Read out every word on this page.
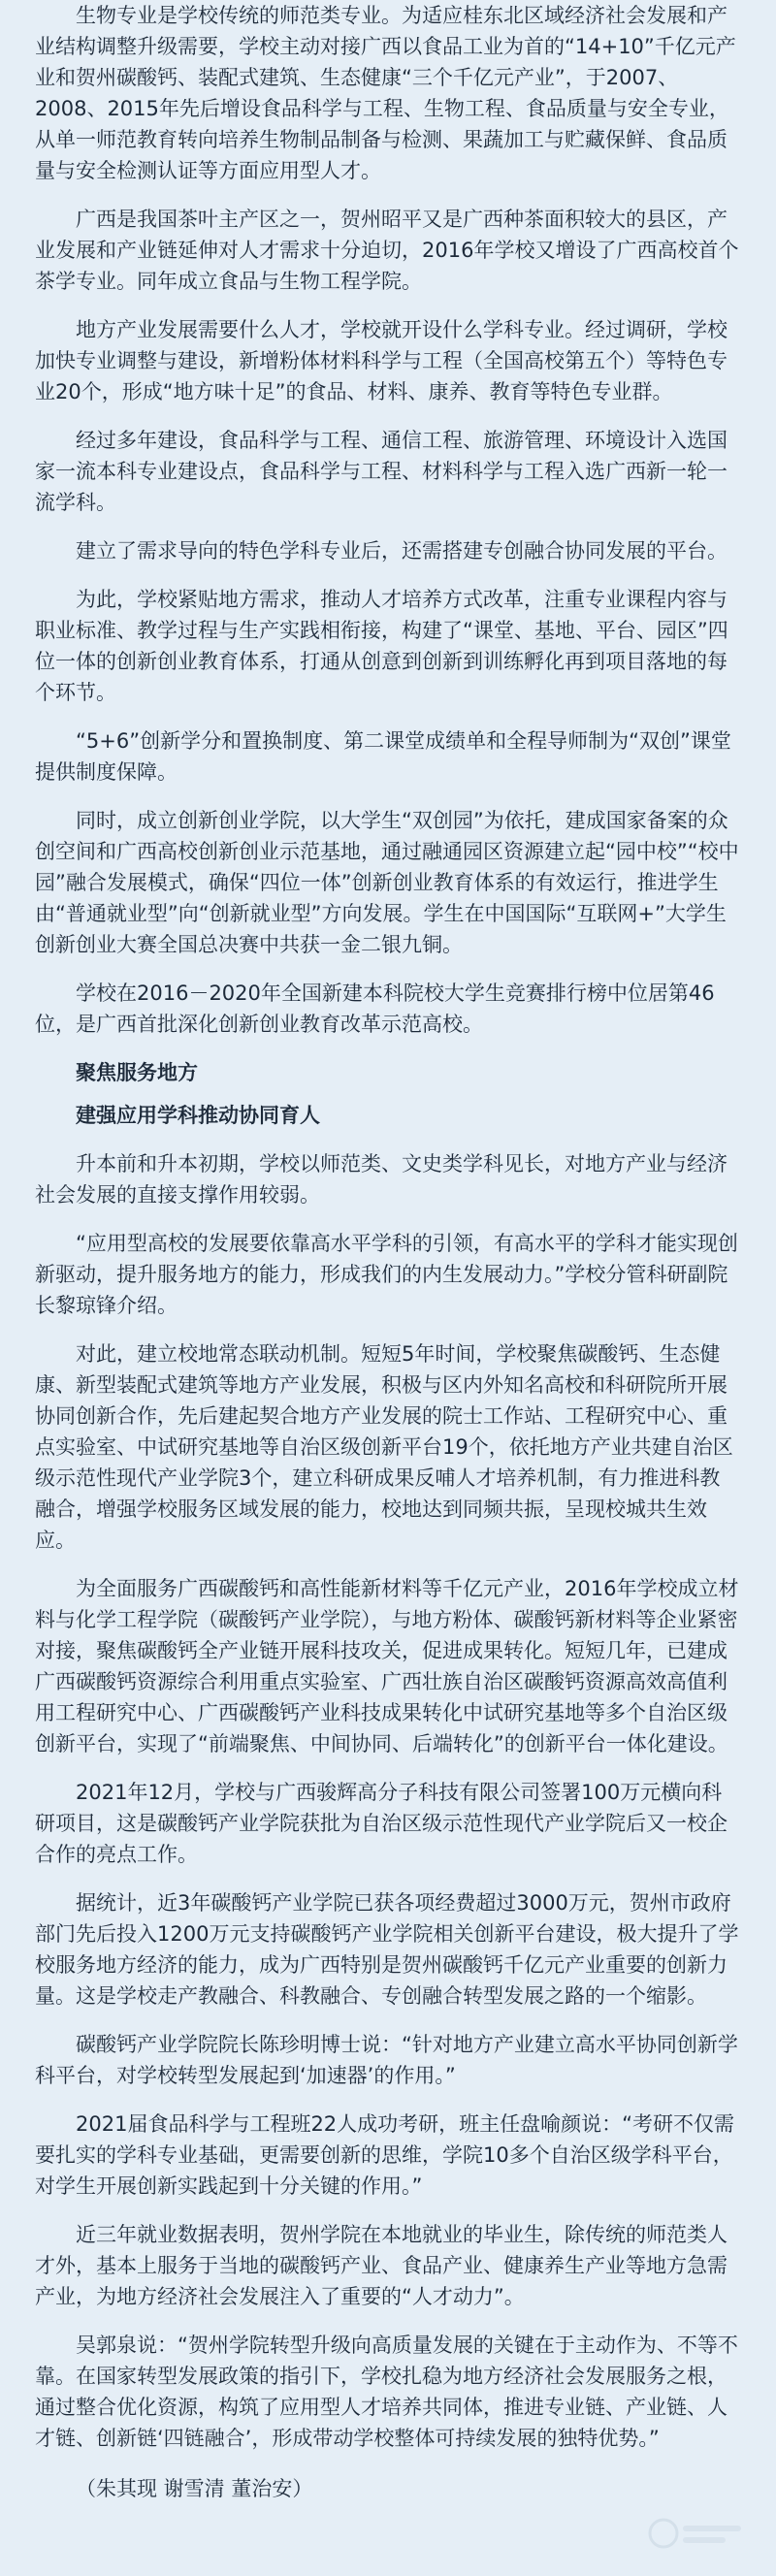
生物专业是学校传统的师范类专业。为适应桂东北区域经济社会发展和产业结构调整升级需要，学校主动对接广西以食品工业为首的“14+10”千亿元产业和贺州碳酸钙、装配式建筑、生态健康“三个千亿元产业”，于2007、2008、2015年先后增设食品科学与工程、生物工程、食品质量与安全专业，从单一师范教育转向培养生物制品制备与检测、果蔬加工与贮藏保鲜、食品质量与安全检测认证等方面应用型人才。

广西是我国茶叶主产区之一，贺州昭平又是广西种茶面积较大的县区，产业发展和产业链延伸对人才需求十分迫切，2016年学校又增设了广西高校首个茶学专业。同年成立食品与生物工程学院。

地方产业发展需要什么人才，学校就开设什么学科专业。经过调研，学校加快专业调整与建设，新增粉体材料科学与工程（全国高校第五个）等特色专业20个，形成“地方味十足”的食品、材料、康养、教育等特色专业群。

经过多年建设，食品科学与工程、通信工程、旅游管理、环境设计入选国家一流本科专业建设点，食品科学与工程、材料科学与工程入选广西新一轮一流学科。

建立了需求导向的特色学科专业后，还需搭建专创融合协同发展的平台。

为此，学校紧贴地方需求，推动人才培养方式改革，注重专业课程内容与职业标准、教学过程与生产实践相衔接，构建了“课堂、基地、平台、园区”四位一体的创新创业教育体系，打通从创意到创新到训练孵化再到项目落地的每个环节。

“5+6”创新学分和置换制度、第二课堂成绩单和全程导师制为“双创”课堂提供制度保障。

同时，成立创新创业学院，以大学生“双创园”为依托，建成国家备案的众创空间和广西高校创新创业示范基地，通过融通园区资源建立起“园中校”“校中园”融合发展模式，确保“四位一体”创新创业教育体系的有效运行，推进学生由“普通就业型”向“创新就业型”方向发展。学生在中国国际“互联网+”大学生创新创业大赛全国总决赛中共获一金二银九铜。

学校在2016－2020年全国新建本科院校大学生竞赛排行榜中位居第46位，是广西首批深化创新创业教育改革示范高校。

聚焦服务地方
建强应用学科推动协同育人

升本前和升本初期，学校以师范类、文史类学科见长，对地方产业与经济社会发展的直接支撑作用较弱。

“应用型高校的发展要依靠高水平学科的引领，有高水平的学科才能实现创新驱动，提升服务地方的能力，形成我们的内生发展动力。”学校分管科研副院长黎琼锋介绍。

对此，建立校地常态联动机制。短短5年时间，学校聚焦碳酸钙、生态健康、新型装配式建筑等地方产业发展，积极与区内外知名高校和科研院所开展协同创新合作，先后建起契合地方产业发展的院士工作站、工程研究中心、重点实验室、中试研究基地等自治区级创新平台19个，依托地方产业共建自治区级示范性现代产业学院3个，建立科研成果反哺人才培养机制，有力推进科教融合，增强学校服务区域发展的能力，校地达到同频共振，呈现校城共生效应。

为全面服务广西碳酸钙和高性能新材料等千亿元产业，2016年学校成立材料与化学工程学院（碳酸钙产业学院），与地方粉体、碳酸钙新材料等企业紧密对接，聚焦碳酸钙全产业链开展科技攻关，促进成果转化。短短几年，已建成广西碳酸钙资源综合利用重点实验室、广西壮族自治区碳酸钙资源高效高值利用工程研究中心、广西碳酸钙产业科技成果转化中试研究基地等多个自治区级创新平台，实现了“前端聚焦、中间协同、后端转化”的创新平台一体化建设。

2021年12月，学校与广西骏辉高分子科技有限公司签署100万元横向科研项目，这是碳酸钙产业学院获批为自治区级示范性现代产业学院后又一校企合作的亮点工作。

据统计，近3年碳酸钙产业学院已获各项经费超过3000万元，贺州市政府部门先后投入1200万元支持碳酸钙产业学院相关创新平台建设，极大提升了学校服务地方经济的能力，成为广西特别是贺州碳酸钙千亿元产业重要的创新力量。这是学校走产教融合、科教融合、专创融合转型发展之路的一个缩影。

碳酸钙产业学院院长陈珍明博士说：“针对地方产业建立高水平协同创新学科平台，对学校转型发展起到‘加速器’的作用。”

2021届食品科学与工程班22人成功考研，班主任盘喻颜说：“考研不仅需要扎实的学科专业基础，更需要创新的思维，学院10多个自治区级学科平台，对学生开展创新实践起到十分关键的作用。”

近三年就业数据表明，贺州学院在本地就业的毕业生，除传统的师范类人才外，基本上服务于当地的碳酸钙产业、食品产业、健康养生产业等地方急需产业，为地方经济社会发展注入了重要的“人才动力”。

吴郭泉说：“贺州学院转型升级向高质量发展的关键在于主动作为、不等不靠。在国家转型发展政策的指引下，学校扎稳为地方经济社会发展服务之根，通过整合优化资源，构筑了应用型人才培养共同体，推进专业链、产业链、人才链、创新链‘四链融合’，形成带动学校整体可持续发展的独特优势。”

（朱其现 谢雪清 董治安）
